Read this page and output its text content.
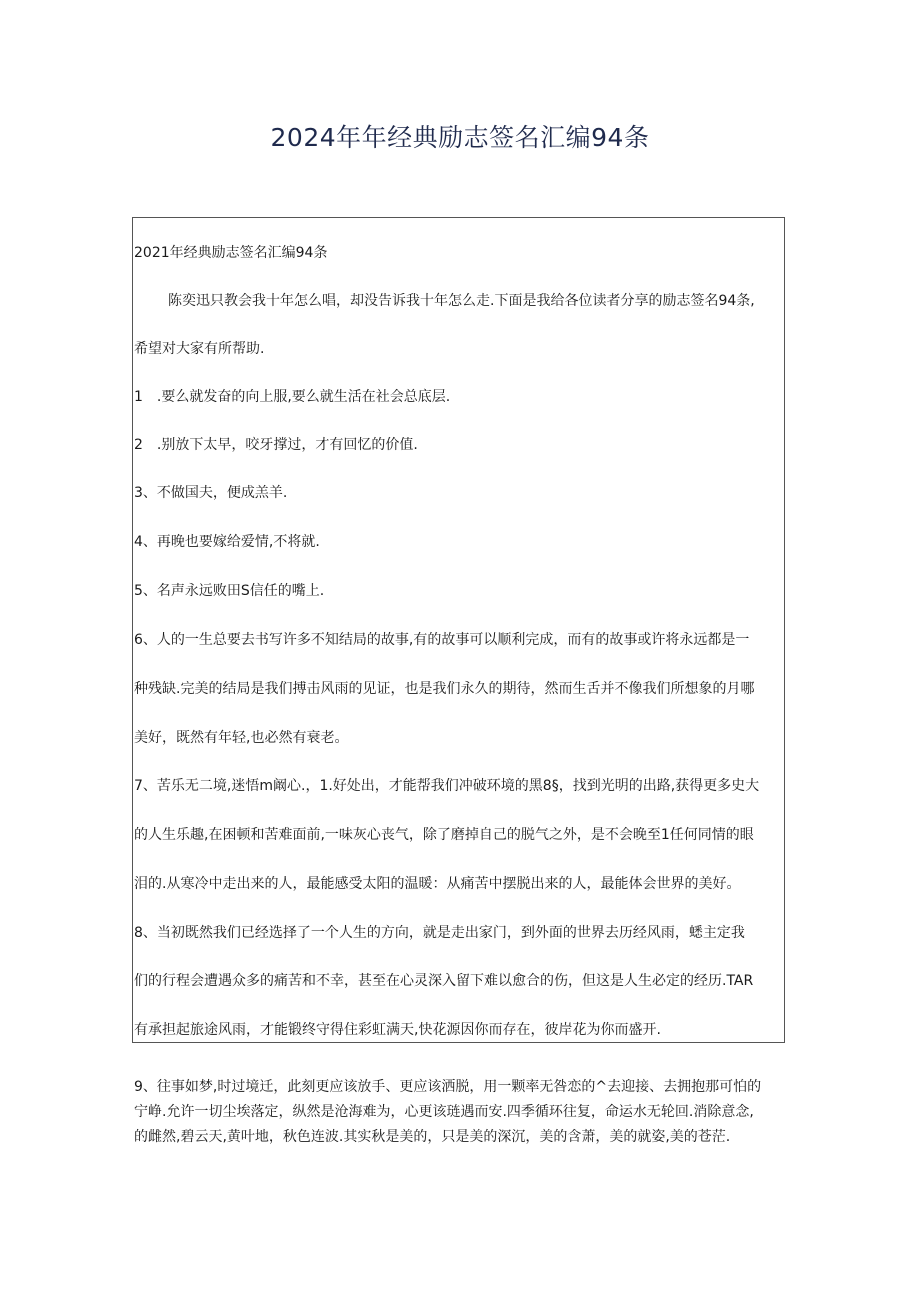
2024年年经典励志签名汇编94条
2021年经典励志签名汇编94条
陈奕迅只教会我十年怎么唱，却没告诉我十年怎么走.下面是我给各位读者分享的励志签名94条,
希望对大家有所帮助.
1　.要么就发奋的向上服,要么就生活在社会总底层.
2　.别放下太早，咬牙撑过，才有回忆的价值.
3、不做国夫，便成羔羊.
4、再晚也要嫁给爱情,不将就.
5、名声永远败田S信任的嘴上.
6、人的一生总要去书写许多不知结局的故事,有的故事可以顺利完成，而有的故事或许将永远都是一
种残缺.完美的结局是我们搏击风雨的见证，也是我们永久的期待，然而生舌并不像我们所想象的月哪
美好，既然有年轻,也必然有衰老。
7、苦乐无二境,迷悟m阚心.，1.好处出，才能帮我们冲破环境的黑8§，找到光明的出路,获得更多史大
的人生乐趣,在困顿和苦难面前,一味灰心丧气，除了磨掉自己的脱气之外，是不会晚至1任何同情的眼
泪的.从寒冷中走出来的人，最能感受太阳的温暖：从痛苦中摆脱出来的人，最能体会世界的美好。
8、当初既然我们已经选择了一个人生的方向，就是走出家门，到外面的世界去历经风雨，蟋主定我
们的行程会遭遇众多的痛苦和不幸，甚至在心灵深入留下难以愈合的伤，但这是人生必定的经历.TAR
有承担起旅途风雨，才能锻终守得住彩虹满天,快花源因你而存在，彼岸花为你而盛开.
9、往事如梦,时过境迁，此刻更应该放手、更应该洒脱，用一颗率无咎恋的^去迎接、去拥抱那可怕的
宁峥.允许一切尘埃落定，纵然是沧海难为，心更该琏遇而安.四季循环往复，命运水无轮回.消除意念,
的雌然,碧云天,黄叶地，秋色连波.其实秋是美的，只是美的深沉，美的含萧，美的就姿,美的苍茫.
